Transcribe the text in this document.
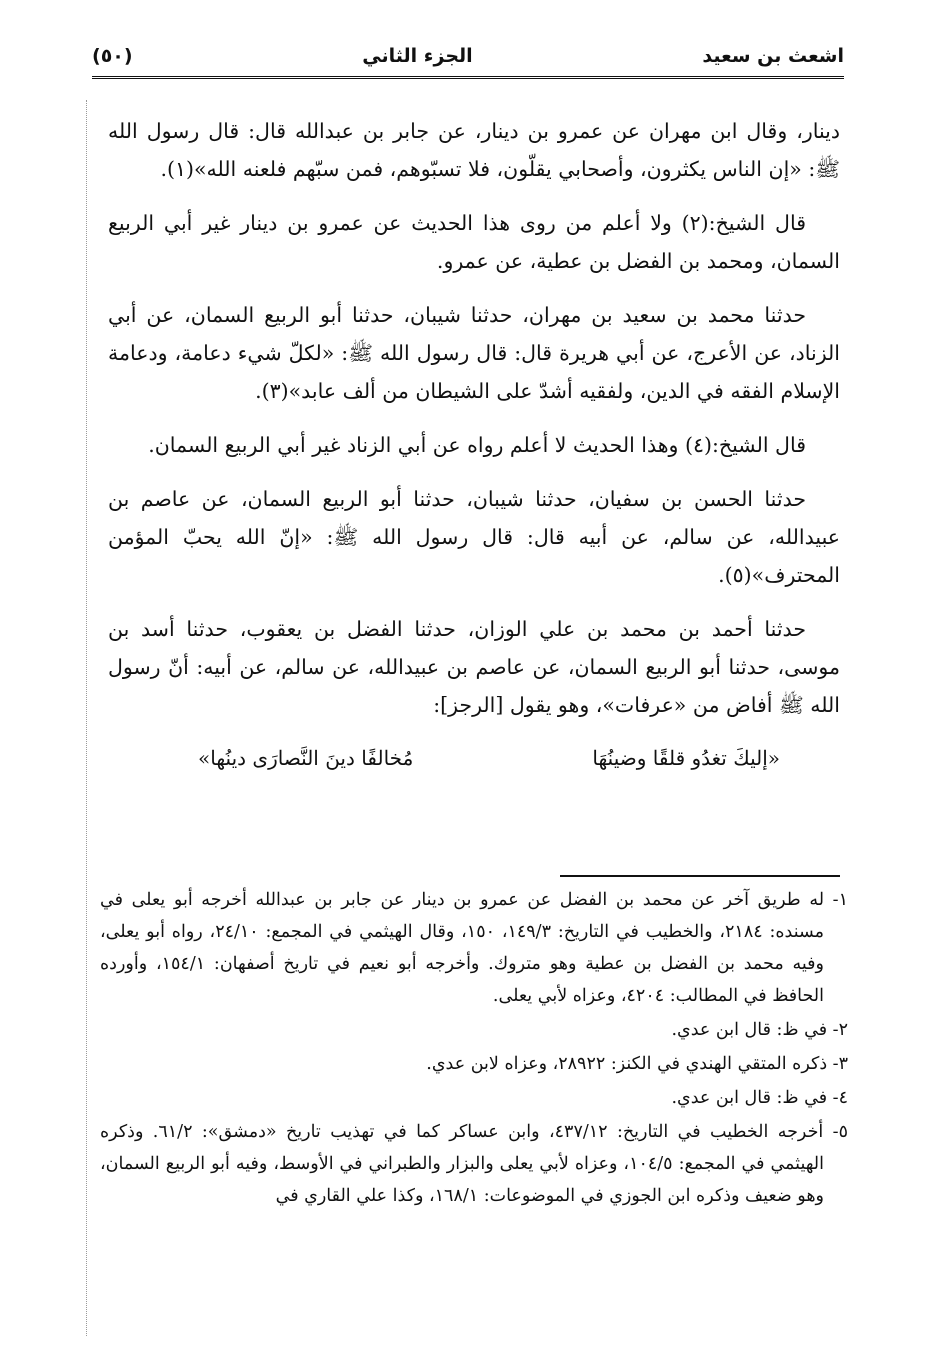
اشعث بن سعيد
الجزء الثاني
(٥٠)

دينار، وقال ابن مهران عن عمرو بن دينار، عن جابر بن عبدالله قال: قال رسول الله ﷺ: «إن الناس يكثرون، وأصحابي يقلّون، فلا تسبّوهم، فمن سبّهم فلعنه الله»(١).

قال الشيخ:(٢) ولا أعلم من روى هذا الحديث عن عمرو بن دينار غير أبي الربيع السمان، ومحمد بن الفضل بن عطية، عن عمرو.

حدثنا محمد بن سعيد بن مهران، حدثنا شيبان، حدثنا أبو الربيع السمان، عن أبي الزناد، عن الأعرج، عن أبي هريرة قال: قال رسول الله ﷺ: «لكلّ شيء دعامة، ودعامة الإسلام الفقه في الدين، ولفقيه أشدّ على الشيطان من ألف عابد»(٣).

قال الشيخ:(٤) وهذا الحديث لا أعلم رواه عن أبي الزناد غير أبي الربيع السمان.

حدثنا الحسن بن سفيان، حدثنا شيبان، حدثنا أبو الربيع السمان، عن عاصم بن عبيدالله، عن سالم، عن أبيه قال: قال رسول الله ﷺ: «إنّ الله يحبّ المؤمن المحترف»(٥).

حدثنا أحمد بن محمد بن علي الوزان، حدثنا الفضل بن يعقوب، حدثنا أسد بن موسى، حدثنا أبو الربيع السمان، عن عاصم بن عبيدالله، عن سالم، عن أبيه: أنّ رسول الله ﷺ أفاض من «عرفات»، وهو يقول [الرجز]:

«إليكَ تغدُو قلقًا وضينُهَا
مُخالفًا دينَ النَّصارَى دينُها»

١- له طريق آخر عن محمد بن الفضل عن عمرو بن دينار عن جابر بن عبدالله أخرجه أبو يعلى في مسنده: ٢١٨٤، والخطيب في التاريخ: ١٤٩/٣، ١٥٠، وقال الهيثمي في المجمع: ٢٤/١٠، رواه أبو يعلى، وفيه محمد بن الفضل بن عطية وهو متروك. وأخرجه أبو نعيم في تاريخ أصفهان: ١٥٤/١، وأورده الحافظ في المطالب: ٤٢٠٤، وعزاه لأبي يعلى.

٢- في ظ: قال ابن عدي.

٣- ذكره المتقي الهندي في الكنز: ٢٨٩٢٢، وعزاه لابن عدي.

٤- في ظ: قال ابن عدي.

٥- أخرجه الخطيب في التاريخ: ٤٣٧/١٢، وابن عساكر كما في تهذيب تاريخ «دمشق»: ٦١/٢. وذكره الهيثمي في المجمع: ١٠٤/٥، وعزاه لأبي يعلى والبزار والطبراني في الأوسط، وفيه أبو الربيع السمان، وهو ضعيف وذكره ابن الجوزي في الموضوعات: ١٦٨/١، وكذا علي القاري في
